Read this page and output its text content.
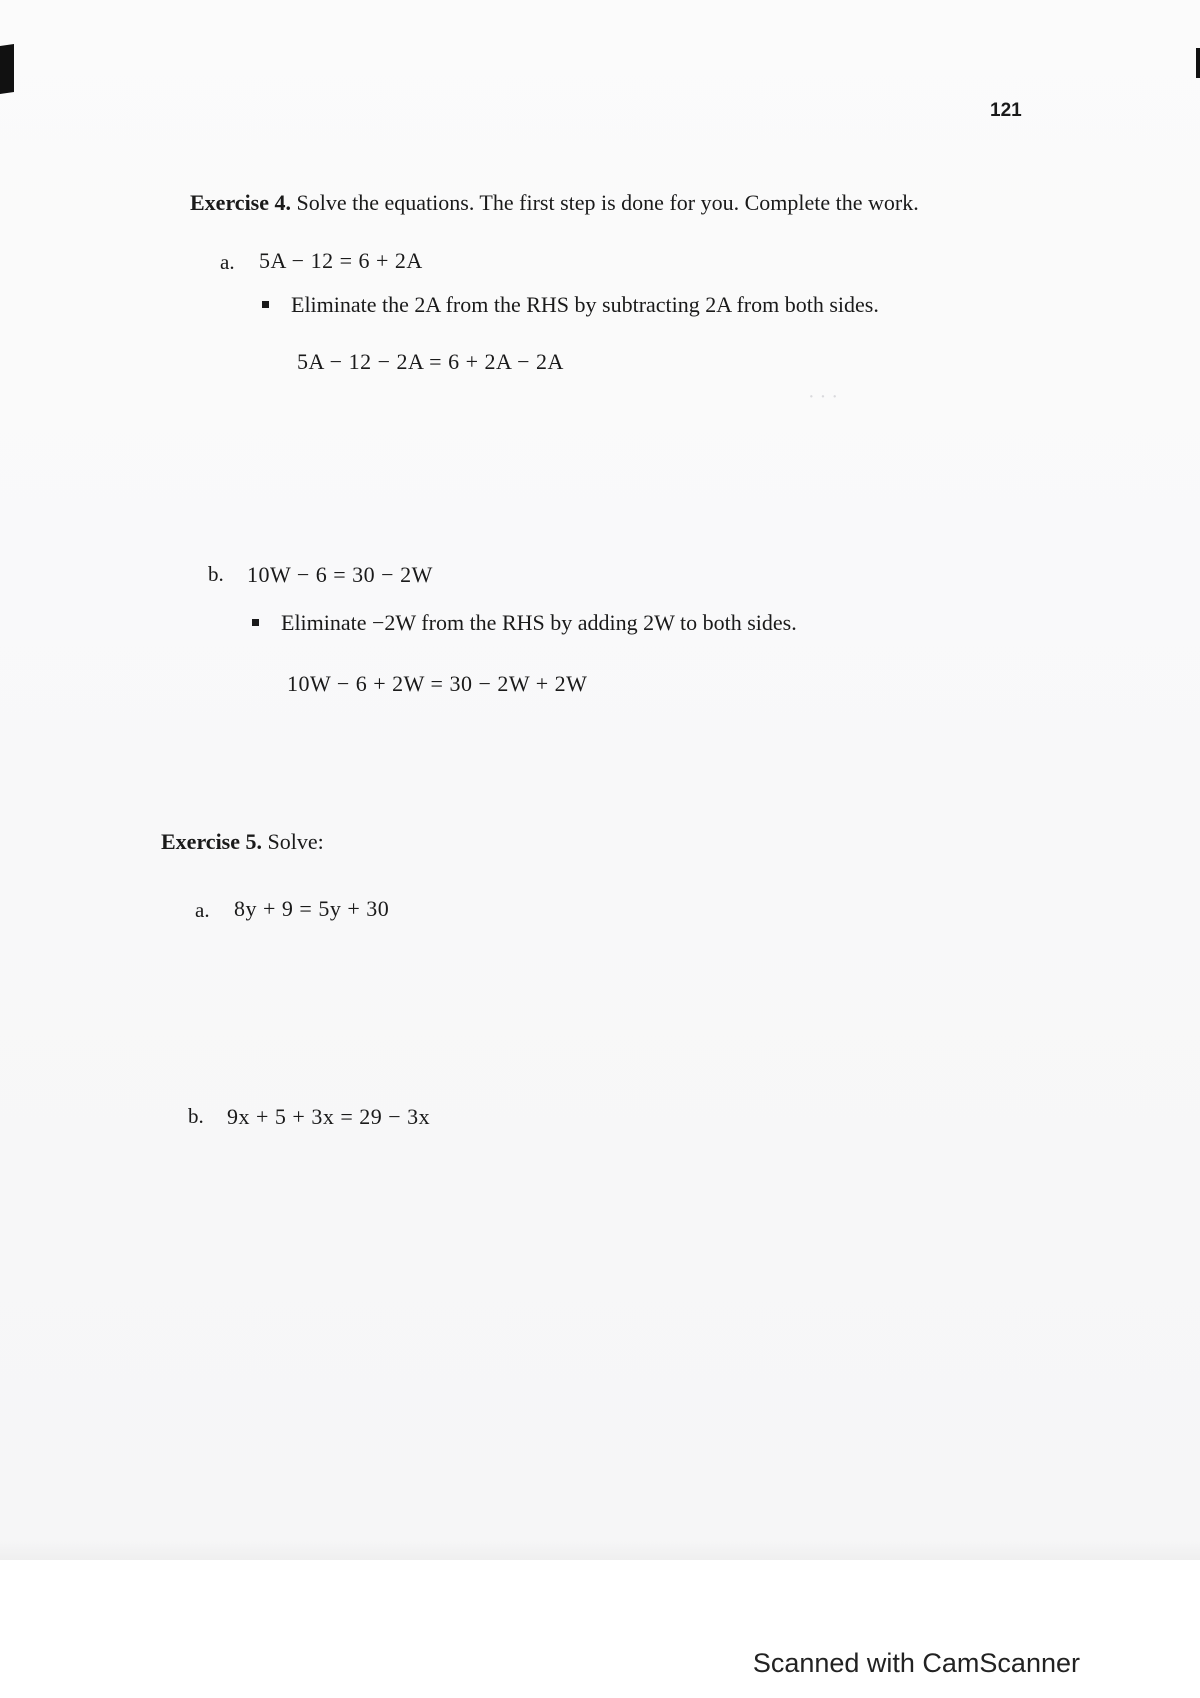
· · ·
121
Exercise 4. Solve the equations. The first step is done for you. Complete the work.
a. 5A − 12 = 6 + 2A
Eliminate the 2A from the RHS by subtracting 2A from both sides.
5A − 12 − 2A = 6 + 2A − 2A
b. 10W − 6 = 30 − 2W
Eliminate −2W from the RHS by adding 2W to both sides.
10W − 6 + 2W = 30 − 2W + 2W
Exercise 5. Solve:
a. 8y + 9 = 5y + 30
b. 9x + 5 + 3x = 29 − 3x
Scanned with CamScanner
